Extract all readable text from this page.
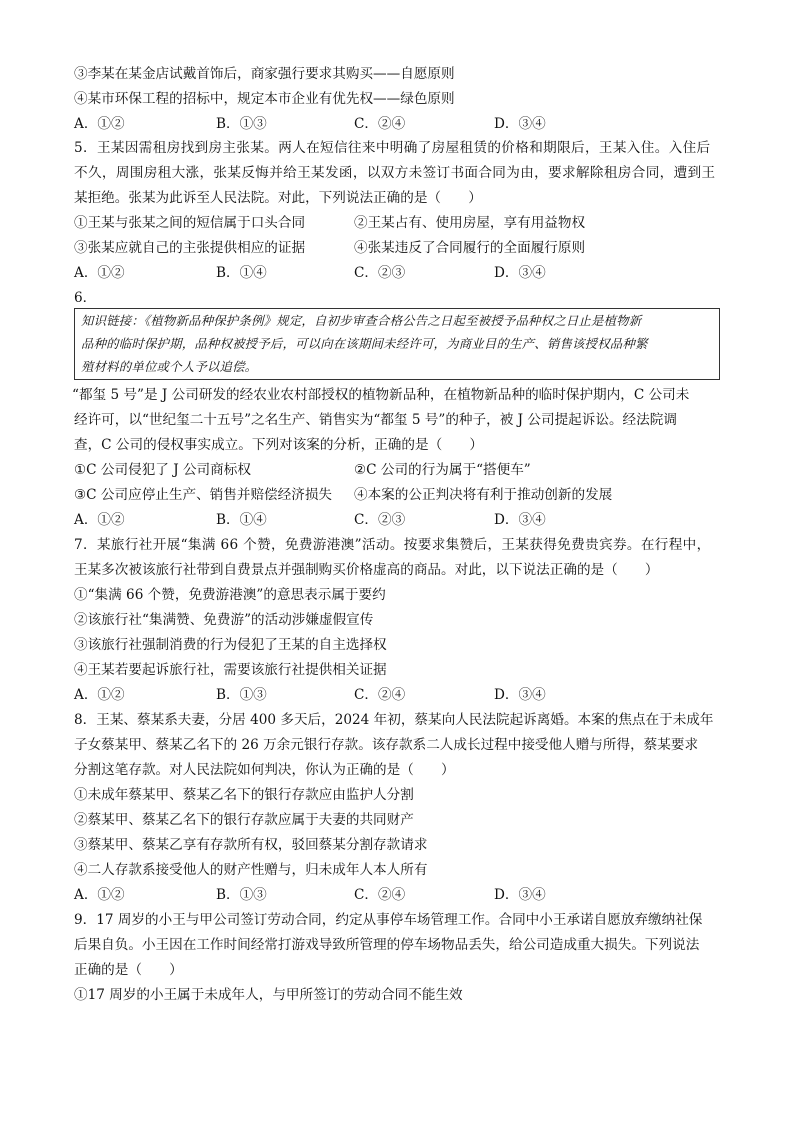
③李某在某金店试戴首饰后，商家强行要求其购买——自愿原则
④某市环保工程的招标中，规定本市企业有优先权——绿色原则
A．①②	B．①③	C．②④	D．③④
5．王某因需租房找到房主张某。两人在短信往来中明确了房屋租赁的价格和期限后，王某入住。入住后
不久，周围房租大涨，张某反悔并给王某发函，以双方未签订书面合同为由，要求解除租房合同，遭到王
某拒绝。张某为此诉至人民法院。对此，下列说法正确的是（　　）
①王某与张某之间的短信属于口头合同	②王某占有、使用房屋，享有用益物权
③张某应就自己的主张提供相应的证据	④张某违反了合同履行的全面履行原则
A．①②	B．①④	C．②③	D．③④
6．
知识链接：《植物新品种保护条例》规定，自初步审查合格公告之日起至被授予品种权之日止是植物新
品种的临时保护期，品种权被授予后，可以向在该期间未经许可，为商业目的生产、销售该授权品种繁
殖材料的单位或个人予以追偿。
“都玺 5 号”是 J 公司研发的经农业农村部授权的植物新品种，在植物新品种的临时保护期内，C 公司未
经许可，以“世纪玺二十五号”之名生产、销售实为“都玺 5 号”的种子，被 J 公司提起诉讼。经法院调
查，C 公司的侵权事实成立。下列对该案的分析，正确的是（　　）
①C 公司侵犯了 J 公司商标权	②C 公司的行为属于“搭便车”
③C 公司应停止生产、销售并赔偿经济损失 ④本案的公正判决将有利于推动创新的发展
A．①②	B．①④	C．②③	D．③④
7．某旅行社开展“集满 66 个赞，免费游港澳”活动。按要求集赞后，王某获得免费贵宾券。在行程中，
王某多次被该旅行社带到自费景点并强制购买价格虚高的商品。对此，以下说法正确的是（　　）
①“集满 66 个赞，免费游港澳”的意思表示属于要约
②该旅行社“集满赞、免费游”的活动涉嫌虚假宣传
③该旅行社强制消费的行为侵犯了王某的自主选择权
④王某若要起诉旅行社，需要该旅行社提供相关证据
A．①②	B．①③	C．②④	D．③④
8．王某、蔡某系夫妻，分居 400 多天后，2024 年初，蔡某向人民法院起诉离婚。本案的焦点在于未成年
子女蔡某甲、蔡某乙名下的 26 万余元银行存款。该存款系二人成长过程中接受他人赠与所得，蔡某要求
分割这笔存款。对人民法院如何判决，你认为正确的是（　　）
①未成年蔡某甲、蔡某乙名下的银行存款应由监护人分割
②蔡某甲、蔡某乙名下的银行存款应属于夫妻的共同财产
③蔡某甲、蔡某乙享有存款所有权，驳回蔡某分割存款请求
④二人存款系接受他人的财产性赠与，归未成年人本人所有
A．①②	B．①③	C．②④	D．③④
9．17 周岁的小王与甲公司签订劳动合同，约定从事停车场管理工作。合同中小王承诺自愿放弃缴纳社保
后果自负。小王因在工作时间经常打游戏导致所管理的停车场物品丢失，给公司造成重大损失。下列说法
正确的是（　　）
①17 周岁的小王属于未成年人，与甲所签订的劳动合同不能生效
